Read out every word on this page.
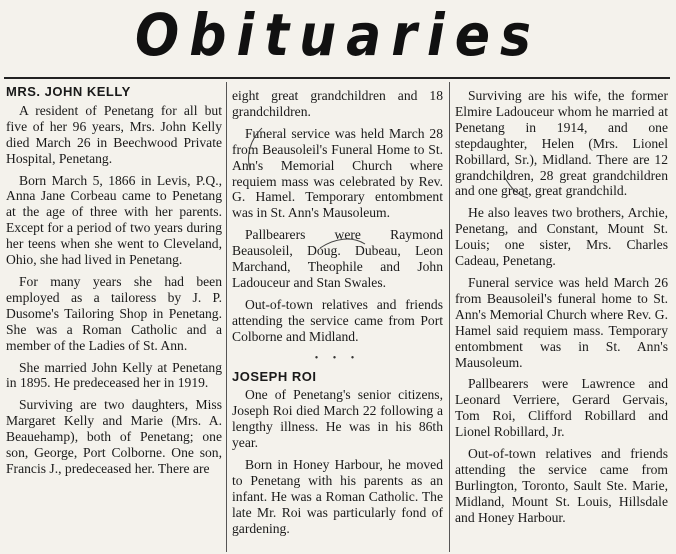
Obituaries
MRS. JOHN KELLY

A resident of Penetang for all but five of her 96 years, Mrs. John Kelly died March 26 in Beechwood Private Hospital, Penetang.

Born March 5, 1866 in Levis, P.Q., Anna Jane Corbeau came to Penetang at the age of three with her parents. Except for a period of two years during her teens when she went to Cleveland, Ohio, she had lived in Penetang.

For many years she had been employed as a tailoress by J. P. Dusome's Tailoring Shop in Penetang. She was a Roman Catholic and a member of the Ladies of St. Ann.

She married John Kelly at Penetang in 1895. He predeceased her in 1919.

Surviving are two daughters, Miss Margaret Kelly and Marie (Mrs. A. Beauehamp), both of Penetang; one son, George, Port Colborne. One son, Francis J., predeceased her. There are

eight great grandchildren and 18 grandchildren.

Funeral service was held March 28 from Beausoleil's Funeral Home to St. Ann's Memorial Church where requiem mass was celebrated by Rev. G. Hamel. Temporary entombment was in St. Ann's Mausoleum.

Pallbearers were Raymond Beausoleil, Doug. Dubeau, Leon Marchand, Theophile and John Ladouceur and Stan Swales.

Out-of-town relatives and friends attending the service came from Port Colborne and Midland.

• • •
JOSEPH ROI

One of Penetang's senior citizens, Joseph Roi died March 22 following a lengthy illness. He was in his 86th year.

Born in Honey Harbour, he moved to Penetang with his parents as an infant. He was a Roman Catholic. The late Mr. Roi was particularly fond of gardening.

Surviving are his wife, the former Elmire Ladouceur whom he married at Penetang in 1914, and one stepdaughter, Helen (Mrs. Lionel Robillard, Sr.), Midland. There are 12 grandchildren, 28 great grandchildren and one great, great grandchild.

He also leaves two brothers, Archie, Penetang, and Constant, Mount St. Louis; one sister, Mrs. Charles Cadeau, Penetang.

Funeral service was held March 26 from Beausoleil's funeral home to St. Ann's Memorial Church where Rev. G. Hamel said requiem mass. Temporary entombment was in St. Ann's Mausoleum.

Pallbearers were Lawrence and Leonard Verriere, Gerard Gervais, Tom Roi, Clifford Robillard and Lionel Robillard, Jr.

Out-of-town relatives and friends attending the service came from Burlington, Toronto, Sault Ste. Marie, Midland, Mount St. Louis, Hillsdale and Honey Harbour.
